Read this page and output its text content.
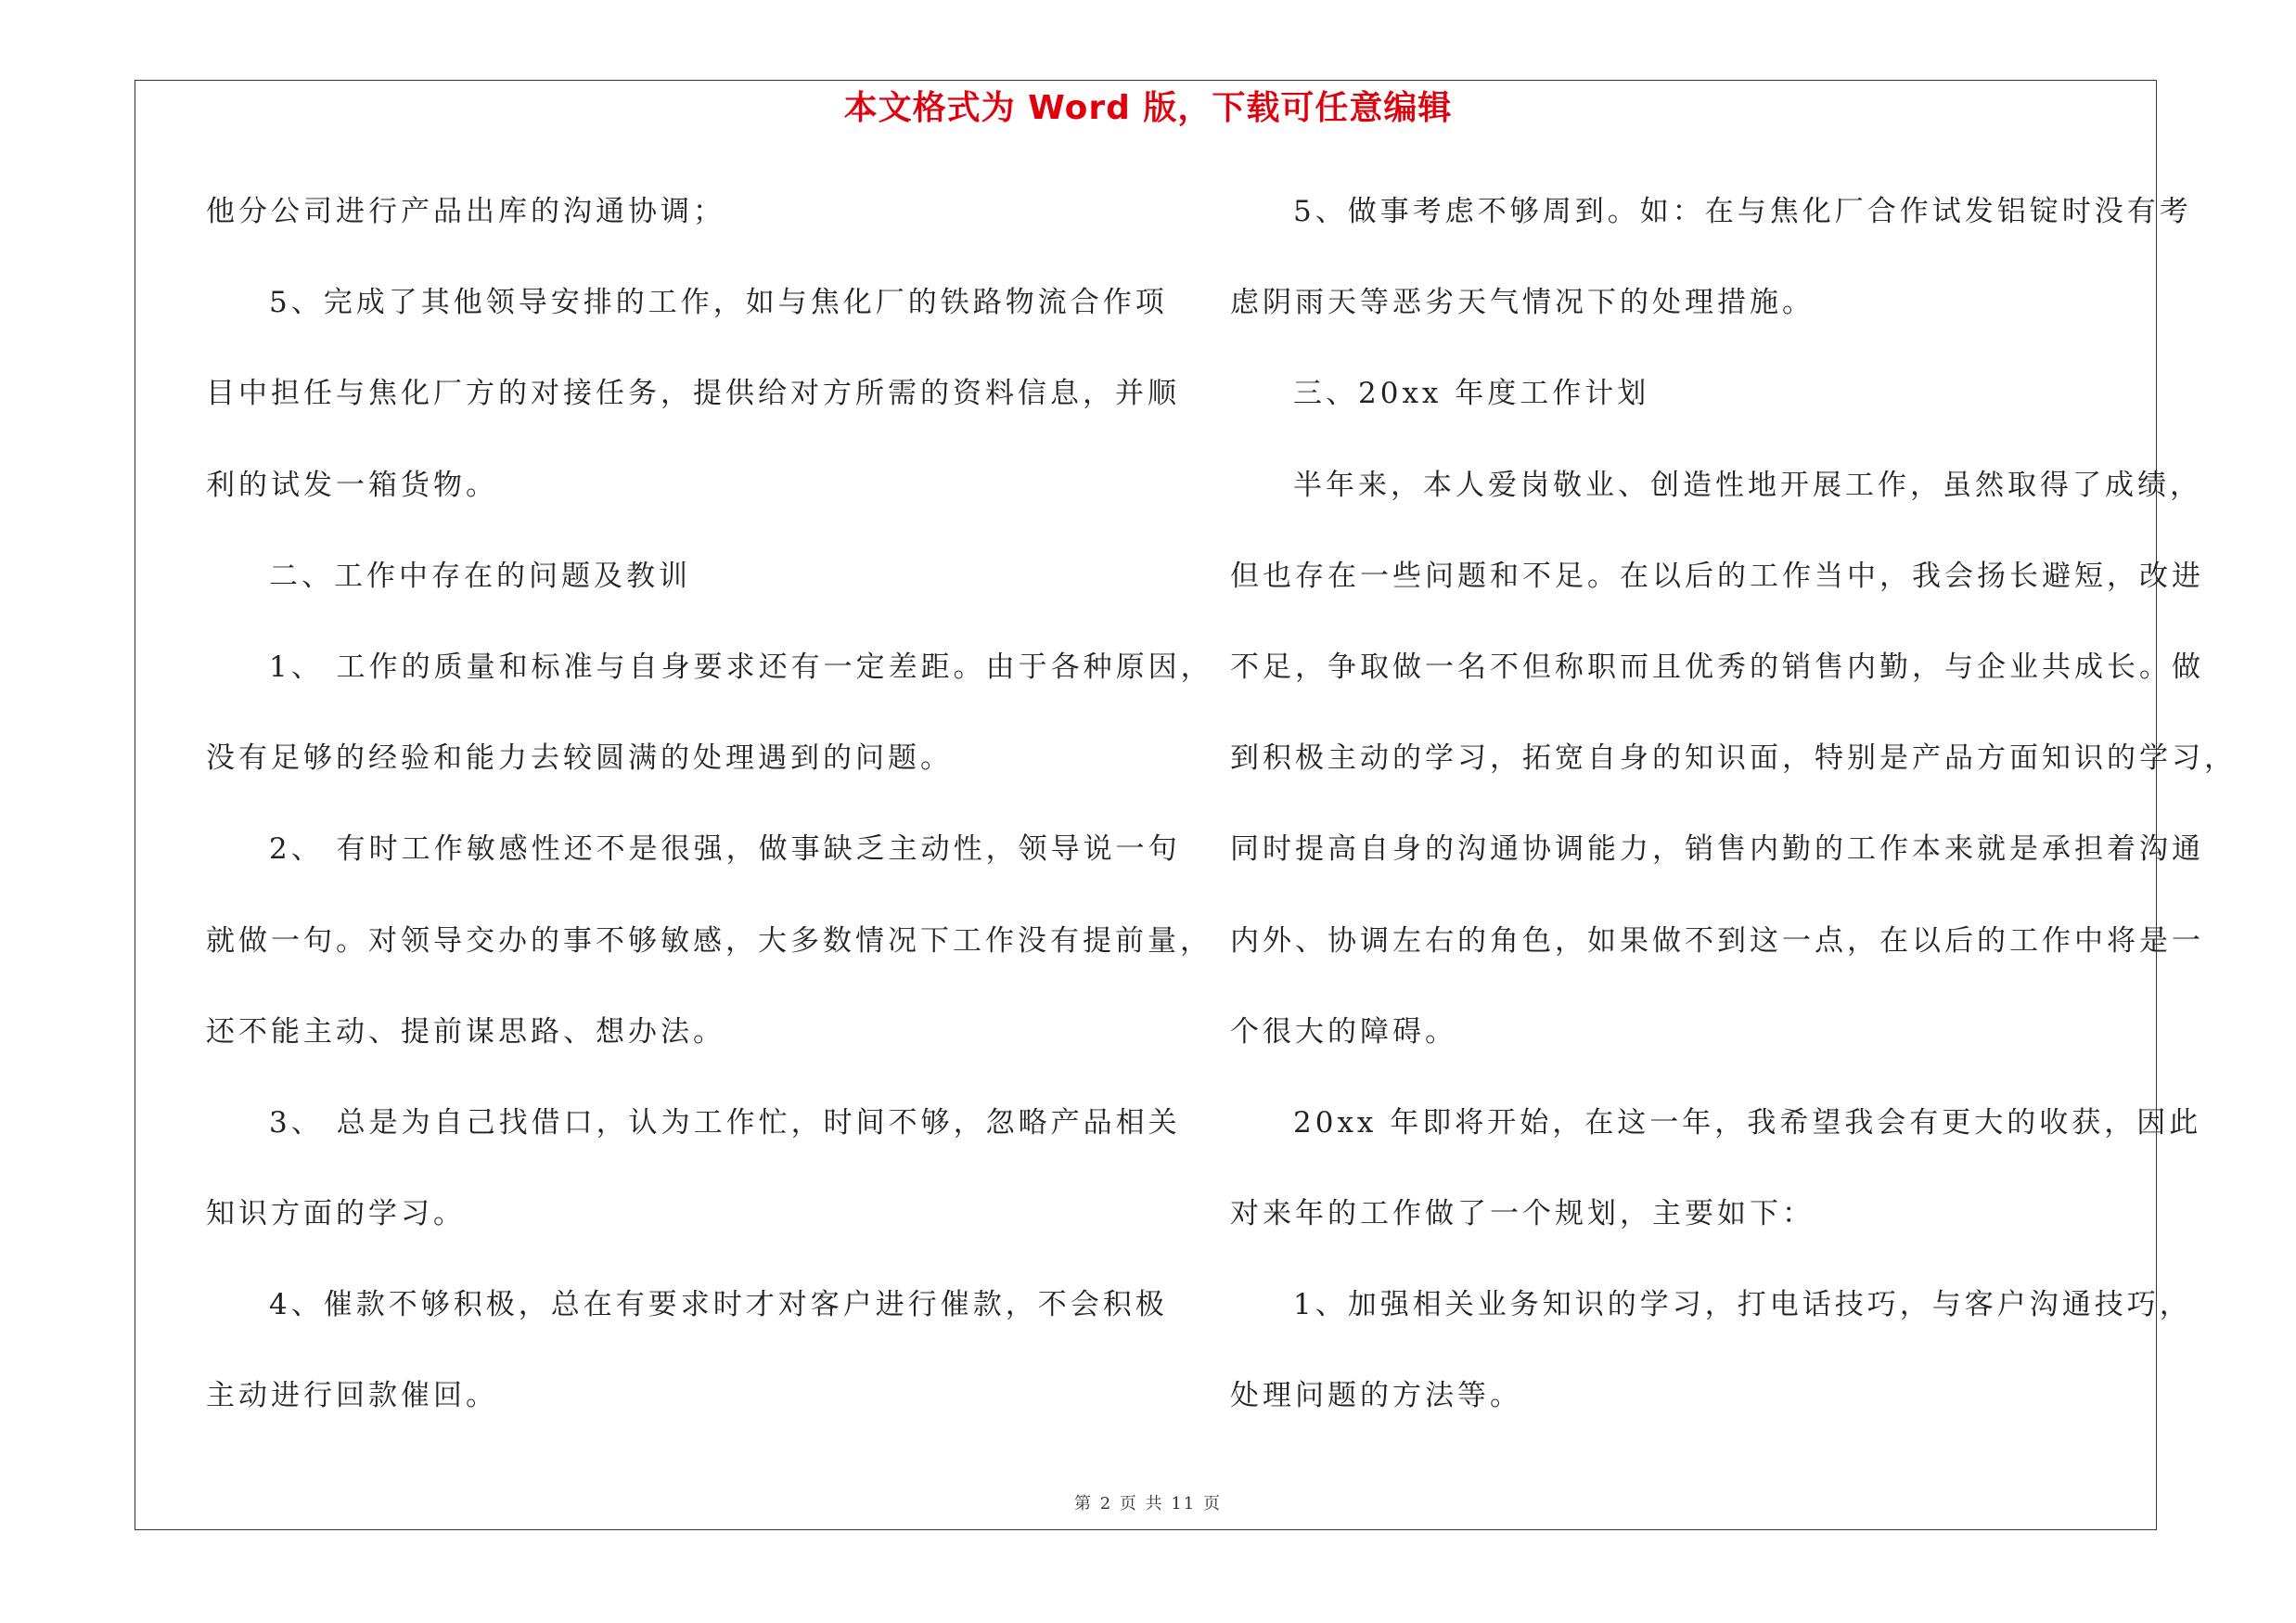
本文格式为 Word 版，下载可任意编辑
他分公司进行产品出库的沟通协调；
5、完成了其他领导安排的工作，如与焦化厂的铁路物流合作项
目中担任与焦化厂方的对接任务，提供给对方所需的资料信息，并顺
利的试发一箱货物。
二、工作中存在的问题及教训
1、 工作的质量和标准与自身要求还有一定差距。由于各种原因，
没有足够的经验和能力去较圆满的处理遇到的问题。
2、 有时工作敏感性还不是很强，做事缺乏主动性，领导说一句
就做一句。对领导交办的事不够敏感，大多数情况下工作没有提前量，
还不能主动、提前谋思路、想办法。
3、 总是为自己找借口，认为工作忙，时间不够，忽略产品相关
知识方面的学习。
4、催款不够积极，总在有要求时才对客户进行催款，不会积极
主动进行回款催回。
5、做事考虑不够周到。如：在与焦化厂合作试发铝锭时没有考
虑阴雨天等恶劣天气情况下的处理措施。
三、20xx 年度工作计划
半年来，本人爱岗敬业、创造性地开展工作，虽然取得了成绩，
但也存在一些问题和不足。在以后的工作当中，我会扬长避短，改进
不足，争取做一名不但称职而且优秀的销售内勤，与企业共成长。做
到积极主动的学习，拓宽自身的知识面，特别是产品方面知识的学习，
同时提高自身的沟通协调能力，销售内勤的工作本来就是承担着沟通
内外、协调左右的角色，如果做不到这一点，在以后的工作中将是一
个很大的障碍。
20xx 年即将开始，在这一年，我希望我会有更大的收获，因此
对来年的工作做了一个规划，主要如下：
1、加强相关业务知识的学习，打电话技巧，与客户沟通技巧，
处理问题的方法等。
第 2 页 共 11 页
